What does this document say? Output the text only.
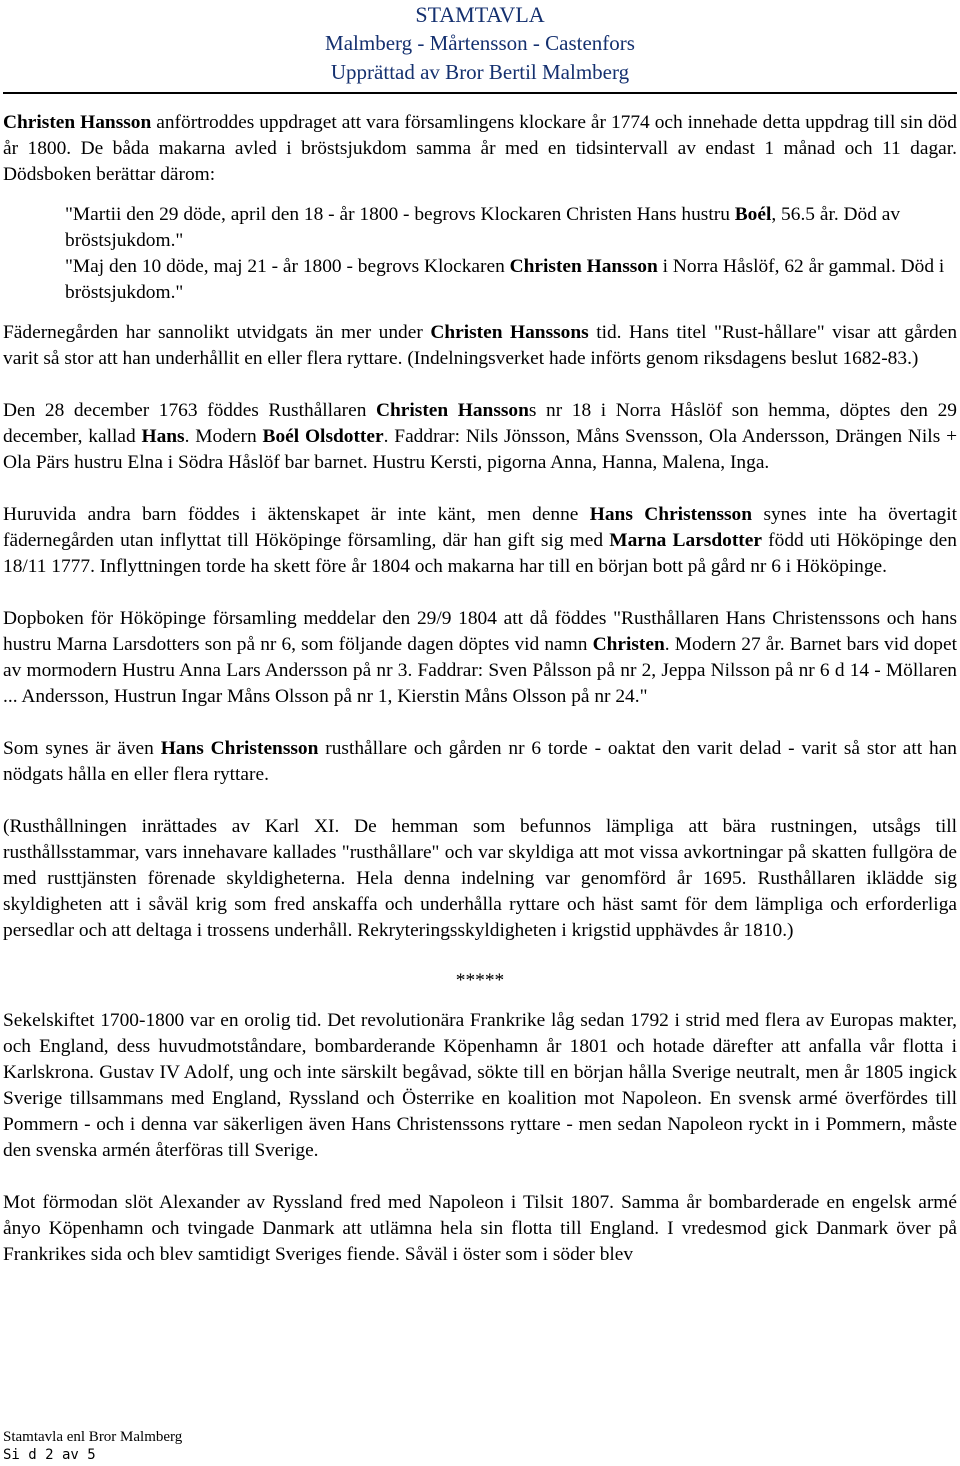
STAMTAVLA
Malmberg - Mårtensson - Castenfors
Upprättad av Bror Bertil Malmberg

Christen Hansson anförtroddes uppdraget att vara församlingens klockare år 1774 och innehade detta uppdrag till sin död år 1800. De båda makarna avled i bröstsjukdom samma år med en tidsintervall av endast 1 månad och 11 dagar. Dödsboken berättar därom:

"Martii den 29 döde, april den 18 - år 1800 - begrovs Klockaren Christen Hans hustru Boél, 56.5 år. Död av bröstsjukdom."

"Maj den 10 döde, maj 21 - år 1800 - begrovs Klockaren Christen Hansson i Norra Håslöf, 62 år gammal. Död i bröstsjukdom."

Fädernegården har sannolikt utvidgats än mer under Christen Hanssons tid. Hans titel "Rust-hållare" visar att gården varit så stor att han underhållit en eller flera ryttare. (Indelningsverket hade införts genom riksdagens beslut 1682-83.)

Den 28 december 1763 föddes Rusthållaren Christen Hanssons nr 18 i Norra Håslöf son hemma, döptes den 29 december, kallad Hans. Modern Boél Olsdotter. Faddrar: Nils Jönsson, Måns Svensson, Ola Andersson, Drängen Nils + Ola Pärs hustru Elna i Södra Håslöf bar barnet. Hustru Kersti, pigorna Anna, Hanna, Malena, Inga.

Huruvida andra barn föddes i äktenskapet är inte känt, men denne Hans Christensson synes inte ha övertagit fädernegården utan inflyttat till Hököpinge församling, där han gift sig med Marna Larsdotter född uti Hököpinge den 18/11 1777. Inflyttningen torde ha skett före år 1804 och makarna har till en början bott på gård nr 6 i Hököpinge.

Dopboken för Hököpinge församling meddelar den 29/9 1804 att då föddes "Rusthållaren Hans Christenssons och hans hustru Marna Larsdotters son på nr 6, som följande dagen döptes vid namn Christen. Modern 27 år. Barnet bars vid dopet av mormodern Hustru Anna Lars Andersson på nr 3. Faddrar: Sven Pålsson på nr 2, Jeppa Nilsson på nr 6 d 14 - Möllaren ... Andersson, Hustrun Ingar Måns Olsson på nr 1, Kierstin Måns Olsson på nr 24."

Som synes är även Hans Christensson rusthållare och gården nr 6 torde - oaktat den varit delad - varit så stor att han nödgats hålla en eller flera ryttare.

(Rusthållningen inrättades av Karl XI. De hemman som befunnos lämpliga att bära rustningen, utsågs till rusthållsstammar, vars innehavare kallades "rusthållare" och var skyldiga att mot vissa avkortningar på skatten fullgöra de med rusttjänsten förenade skyldigheterna. Hela denna indelning var genomförd år 1695. Rusthållaren iklädde sig skyldigheten att i såväl krig som fred anskaffa och underhålla ryttare och häst samt för dem lämpliga och erforderliga persedlar och att deltaga i trossens underhåll. Rekryteringsskyldigheten i krigstid upphävdes år 1810.)

*****

Sekelskiftet 1700-1800 var en orolig tid. Det revolutionära Frankrike låg sedan 1792 i strid med flera av Europas makter, och England, dess huvudmotståndare, bombarderande Köpenhamn år 1801 och hotade därefter att anfalla vår flotta i Karlskrona. Gustav IV Adolf, ung och inte särskilt begåvad, sökte till en början hålla Sverige neutralt, men år 1805 ingick Sverige tillsammans med England, Ryssland och Österrike en koalition mot Napoleon. En svensk armé överfördes till Pommern - och i denna var säkerligen även Hans Christenssons ryttare - men sedan Napoleon ryckt in i Pommern, måste den svenska armén återföras till Sverige.

Mot förmodan slöt Alexander av Ryssland fred med Napoleon i Tilsit 1807. Samma år bombarderade en engelsk armé ånyo Köpenhamn och tvingade Danmark att utlämna hela sin flotta till England. I vredesmod gick Danmark över på Frankrikes sida och blev samtidigt Sveriges fiende. Såväl i öster som i söder blev

Stamtavla enl Bror Malmberg
Si d 2 av 5
